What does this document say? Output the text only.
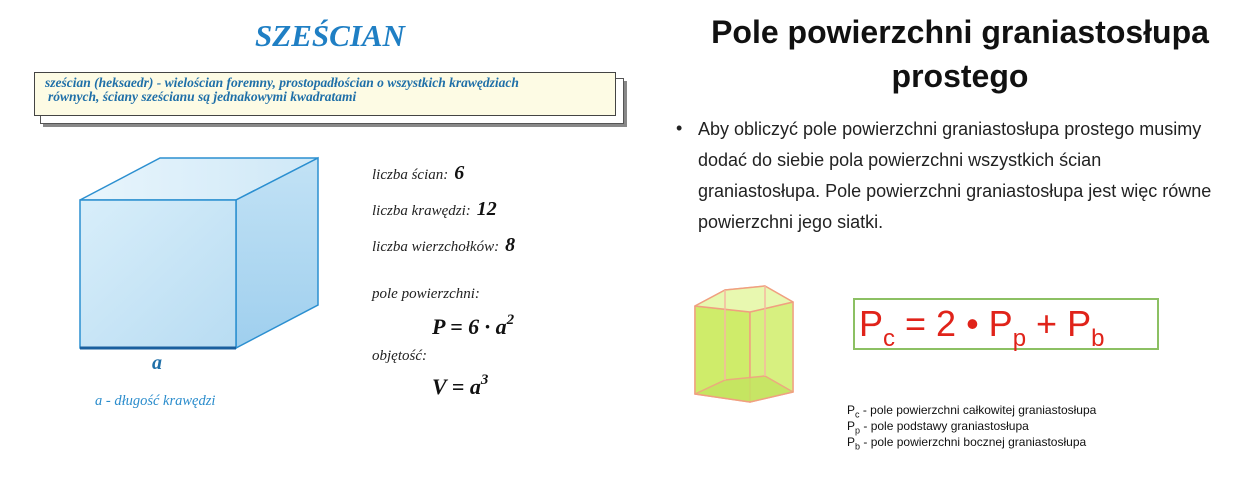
SZEŚCIAN
sześcian (heksaedr) - wielościan foremny, prostopadłościan o wszystkich krawędziach
równych, ściany sześcianu są jednakowymi kwadratami
a
a - długość krawędzi
liczba ścian: 6
liczba krawędzi: 12
liczba wierzchołków: 8
pole powierzchni:
$P = 6 \cdot a^2$
objętość:
$V = a^3$
Pole powierzchni graniastosłupa
prostego
• Aby obliczyć pole powierzchni graniastosłupa prostego musimy dodać do siebie pola powierzchni wszystkich ścian graniastosłupa. Pole powierzchni graniastosłupa jest więc równe powierzchni jego siatki.
$P_c = 2$ • $P_p + P_b$
$P_c$ - pole powierzchni całkowitej graniastosłupa
$P_p$ - pole podstawy graniastosłupa
$P_b$ - pole powierzchni bocznej graniastosłupa
